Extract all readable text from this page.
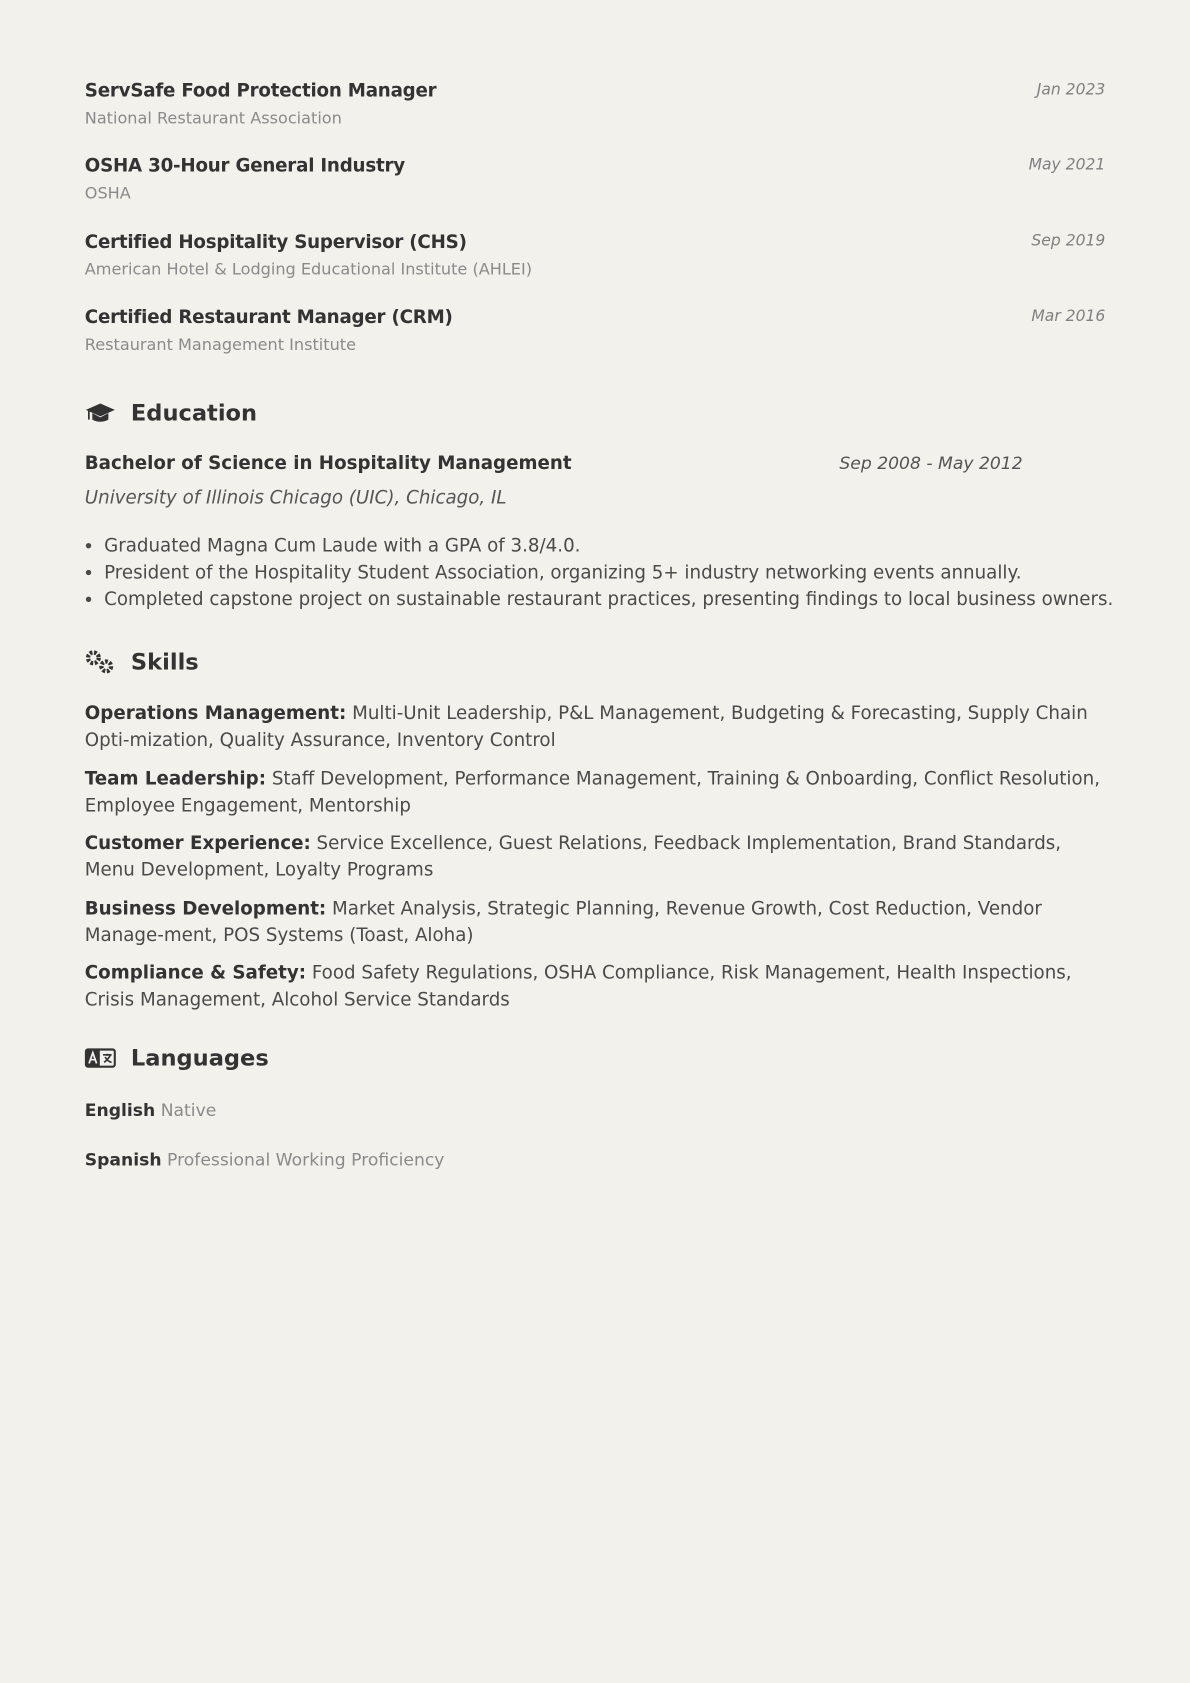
ServSafe Food Protection Manager
National Restaurant Association
Jan 2023
OSHA 30-Hour General Industry
OSHA
May 2021
Certified Hospitality Supervisor (CHS)
American Hotel & Lodging Educational Institute (AHLEI)
Sep 2019
Certified Restaurant Manager (CRM)
Restaurant Management Institute
Mar 2016
Education
Bachelor of Science in Hospitality Management	Sep 2008 - May 2012
University of Illinois Chicago (UIC), Chicago, IL
• Graduated Magna Cum Laude with a GPA of 3.8/4.0.
• President of the Hospitality Student Association, organizing 5+ industry networking events annually.
• Completed capstone project on sustainable restaurant practices, presenting findings to local business owners.
Skills
Operations Management: Multi-Unit Leadership, P&L Management, Budgeting & Forecasting, Supply Chain Opti-mization, Quality Assurance, Inventory Control
Team Leadership: Staff Development, Performance Management, Training & Onboarding, Conflict Resolution, Employee Engagement, Mentorship
Customer Experience: Service Excellence, Guest Relations, Feedback Implementation, Brand Standards, Menu Development, Loyalty Programs
Business Development: Market Analysis, Strategic Planning, Revenue Growth, Cost Reduction, Vendor Manage-ment, POS Systems (Toast, Aloha)
Compliance & Safety: Food Safety Regulations, OSHA Compliance, Risk Management, Health Inspections, Crisis Management, Alcohol Service Standards
Languages
English Native
Spanish Professional Working Proficiency
